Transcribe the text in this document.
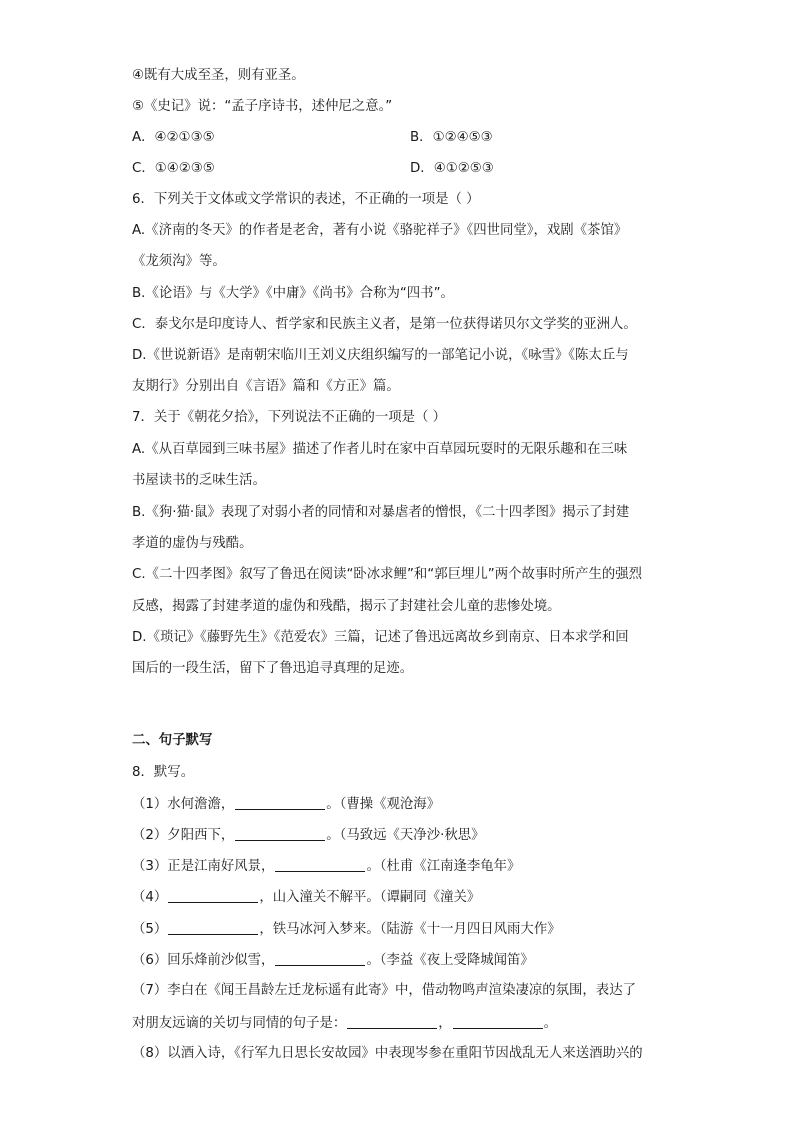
④既有大成至圣，则有亚圣。
⑤《史记》说：“孟子序诗书，述仲尼之意。”
A．④②①③⑤	B．①②④⑤③
C．①④②③⑤	D．④①②⑤③
6．下列关于文体或文学常识的表述，不正确的一项是（ ）
A.《济南的冬天》的作者是老舍，著有小说《骆驼祥子》《四世同堂》，戏剧《茶馆》
《龙须沟》等。
B.《论语》与《大学》《中庸》《尚书》合称为“四书”。
C．泰戈尔是印度诗人、哲学家和民族主义者，是第一位获得诺贝尔文学奖的亚洲人。
D.《世说新语》是南朝宋临川王刘义庆组织编写的一部笔记小说，《咏雪》《陈太丘与
友期行》分别出自《言语》篇和《方正》篇。
7．关于《朝花夕拾》，下列说法不正确的一项是（ ）
A.《从百草园到三味书屋》描述了作者儿时在家中百草园玩耍时的无限乐趣和在三味
书屋读书的乏味生活。
B.《狗·猫·鼠》表现了对弱小者的同情和对暴虐者的憎恨，《二十四孝图》揭示了封建
孝道的虚伪与残酷。
C.《二十四孝图》叙写了鲁迅在阅读“卧冰求鲤”和“郭巨埋儿”两个故事时所产生的强烈
反感，揭露了封建孝道的虚伪和残酷，揭示了封建社会儿童的悲惨处境。
D.《琐记》《藤野先生》《范爱农》三篇，记述了鲁迅远离故乡到南京、日本求学和回
国后的一段生活，留下了鲁迅追寻真理的足迹。
二、句子默写
8．默写。
（1）水何澹澹，	。（曹操《观沧海》
（2）夕阳西下，	。（马致远《天净沙·秋思》
（3）正是江南好风景，	。（杜甫《江南逢李龟年》
（4）	，山入潼关不解平。（谭嗣同《潼关》
（5）	，铁马冰河入梦来。（陆游《十一月四日风雨大作》
（6）回乐烽前沙似雪，	。（李益《夜上受降城闻笛》
（7）李白在《闻王昌龄左迁龙标遥有此寄》中，借动物鸣声渲染凄凉的氛围，表达了
对朋友远谪的关切与同情的句子是：	，	。
（8）以酒入诗，《行军九日思长安故园》中表现岑参在重阳节因战乱无人来送酒助兴的
